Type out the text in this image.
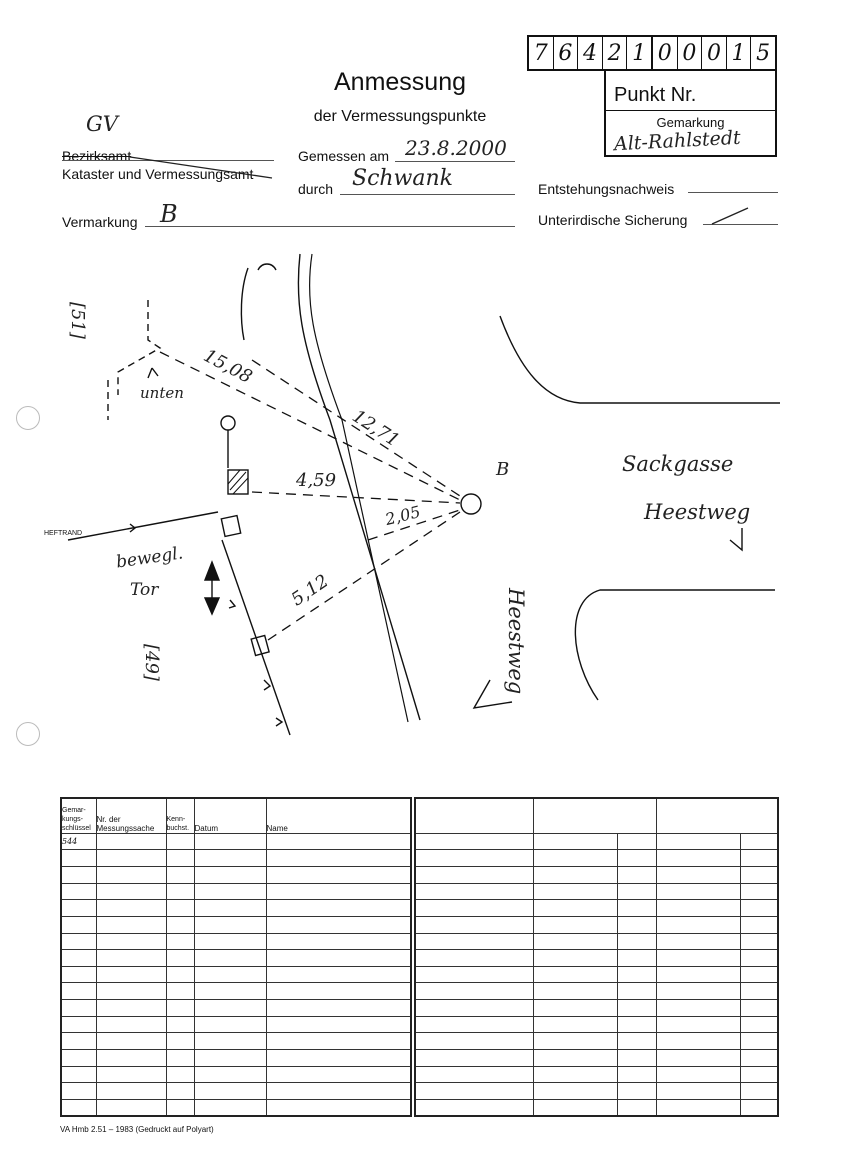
7 6 4 2 1 0 0 0 1 5
Punkt Nr.
Gemarkung
Alt-Rahlstedt
Anmessung
der Vermessungspunkte
GV
Bezirksamt
Kataster und Vermessungsamt
Gemessen am 23.8.2000
durch Schwank	Entstehungsnachweis
Vermarkung B	Unterirdische Sicherung
HEFTRAND
15,08
12,71
4,59
2,05
5,12
B
unten
bewegl.
Tor
[51]
[49]
Sackgasse
Heestweg
Heestweg
Gemar-kungs-schlüssel	Nr. der Messungssache	Kenn-buchst.	Datum	Name
544				

VA Hmb 2.51 – 1983 (Gedruckt auf Polyart)
